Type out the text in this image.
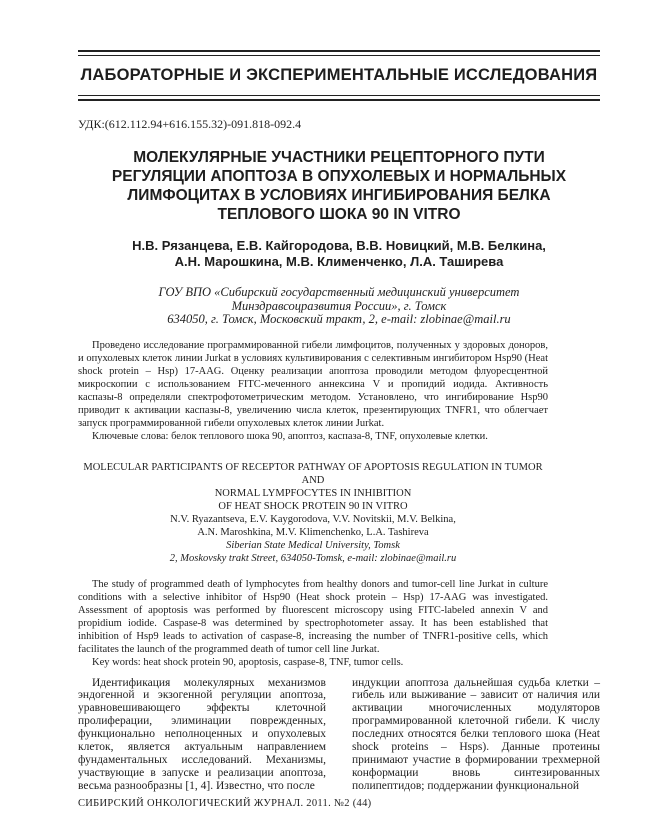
ЛАБОРАТОРНЫЕ И ЭКСПЕРИМЕНТАЛЬНЫЕ ИССЛЕДОВАНИЯ
УДК:(612.112.94+616.155.32)-091.818-092.4
МОЛЕКУЛЯРНЫЕ УЧАСТНИКИ РЕЦЕПТОРНОГО ПУТИ
РЕГУЛЯЦИИ АПОПТОЗА В ОПУХОЛЕВЫХ И НОРМАЛЬНЫХ
ЛИМФОЦИТАХ В УСЛОВИЯХ ИНГИБИРОВАНИЯ БЕЛКА
ТЕПЛОВОГО ШОКА 90 IN VITRO
Н.В. Рязанцева, Е.В. Кайгородова, В.В. Новицкий, М.В. Белкина,
А.Н. Марошкина, М.В. Клименченко, Л.А. Таширева
ГОУ ВПО «Сибирский государственный медицинский университет
Минздравсоцразвития России», г. Томск
634050, г. Томск, Московский тракт, 2, e-mail: zlobinae@mail.ru

Проведено исследование программированной гибели лимфоцитов, полученных у здоровых доноров, и опухолевых клеток линии Jurkat в условиях культивирования с селективным ингибитором Hsp90 (Heat shock protein – Hsp) 17-AAG. Оценку реализации апоптоза проводили методом флуоресцентной микроскопии с использованием FITC-меченного аннексина V и пропидий иодида. Активность каспазы-8 определяли спектрофотометрическим методом. Установлено, что ингибирование Hsp90 приводит к активации каспазы-8, увеличению числа клеток, презентирующих TNFR1, что облегчает запуск программированной гибели опухолевых клеток линии Jurkat.

Ключевые слова: белок теплового шока 90, апоптоз, каспаза-8, TNF, опухолевые клетки.

MOLECULAR PARTICIPANTS OF RECEPTOR PATHWAY OF APOPTOSIS REGULATION IN TUMOR AND
NORMAL LYMPFOCYTES IN INHIBITION
OF HEAT SHOCK PROTEIN 90 IN VITRO
N.V. Ryazantseva, E.V. Kaygorodova, V.V. Novitskii, M.V. Belkina,
A.N. Maroshkina, M.V. Klimenchenko, L.A. Tashireva
Siberian State Medical University, Tomsk
2, Moskovsky trakt Street, 634050-Tomsk, e-mail: zlobinae@mail.ru

The study of programmed death of lymphocytes from healthy donors and tumor-cell line Jurkat in culture conditions with a selective inhibitor of Hsp90 (Heat shock protein – Hsp) 17-AAG was investigated. Assessment of apoptosis was performed by fluorescent microscopy using FITC-labeled annexin V and propidium iodide. Caspase-8 was determined by spectrophotometer assay. It has been established that inhibition of Hsp9 leads to activation of caspase-8, increasing the number of TNFR1-positive cells, which facilitates the launch of the programmed death of tumor cell line Jurkat.

Key words: heat shock protein 90, apoptosis, caspase-8, TNF, tumor cells.

Идентификация молекулярных механизмов эндогенной и экзогенной регуляции апоптоза, уравновешивающего эффекты клеточной пролиферации, элиминации поврежденных, функционально неполноценных и опухолевых клеток, является актуальным направлением фундаментальных исследований. Механизмы, участвующие в запуске и реализации апоптоза, весьма разнообразны [1, 4]. Известно, что после

индукции апоптоза дальнейшая судьба клетки – гибель или выживание – зависит от наличия или активации многочисленных модуляторов программированной клеточной гибели. К числу последних относятся белки теплового шока (Heat shock proteins – Hsps). Данные протеины принимают участие в формировании трехмерной конформации вновь синтезированных полипептидов; поддержании функциональной

СИБИРСКИЙ ОНКОЛОГИЧЕСКИЙ ЖУРНАЛ. 2011. №2 (44)
